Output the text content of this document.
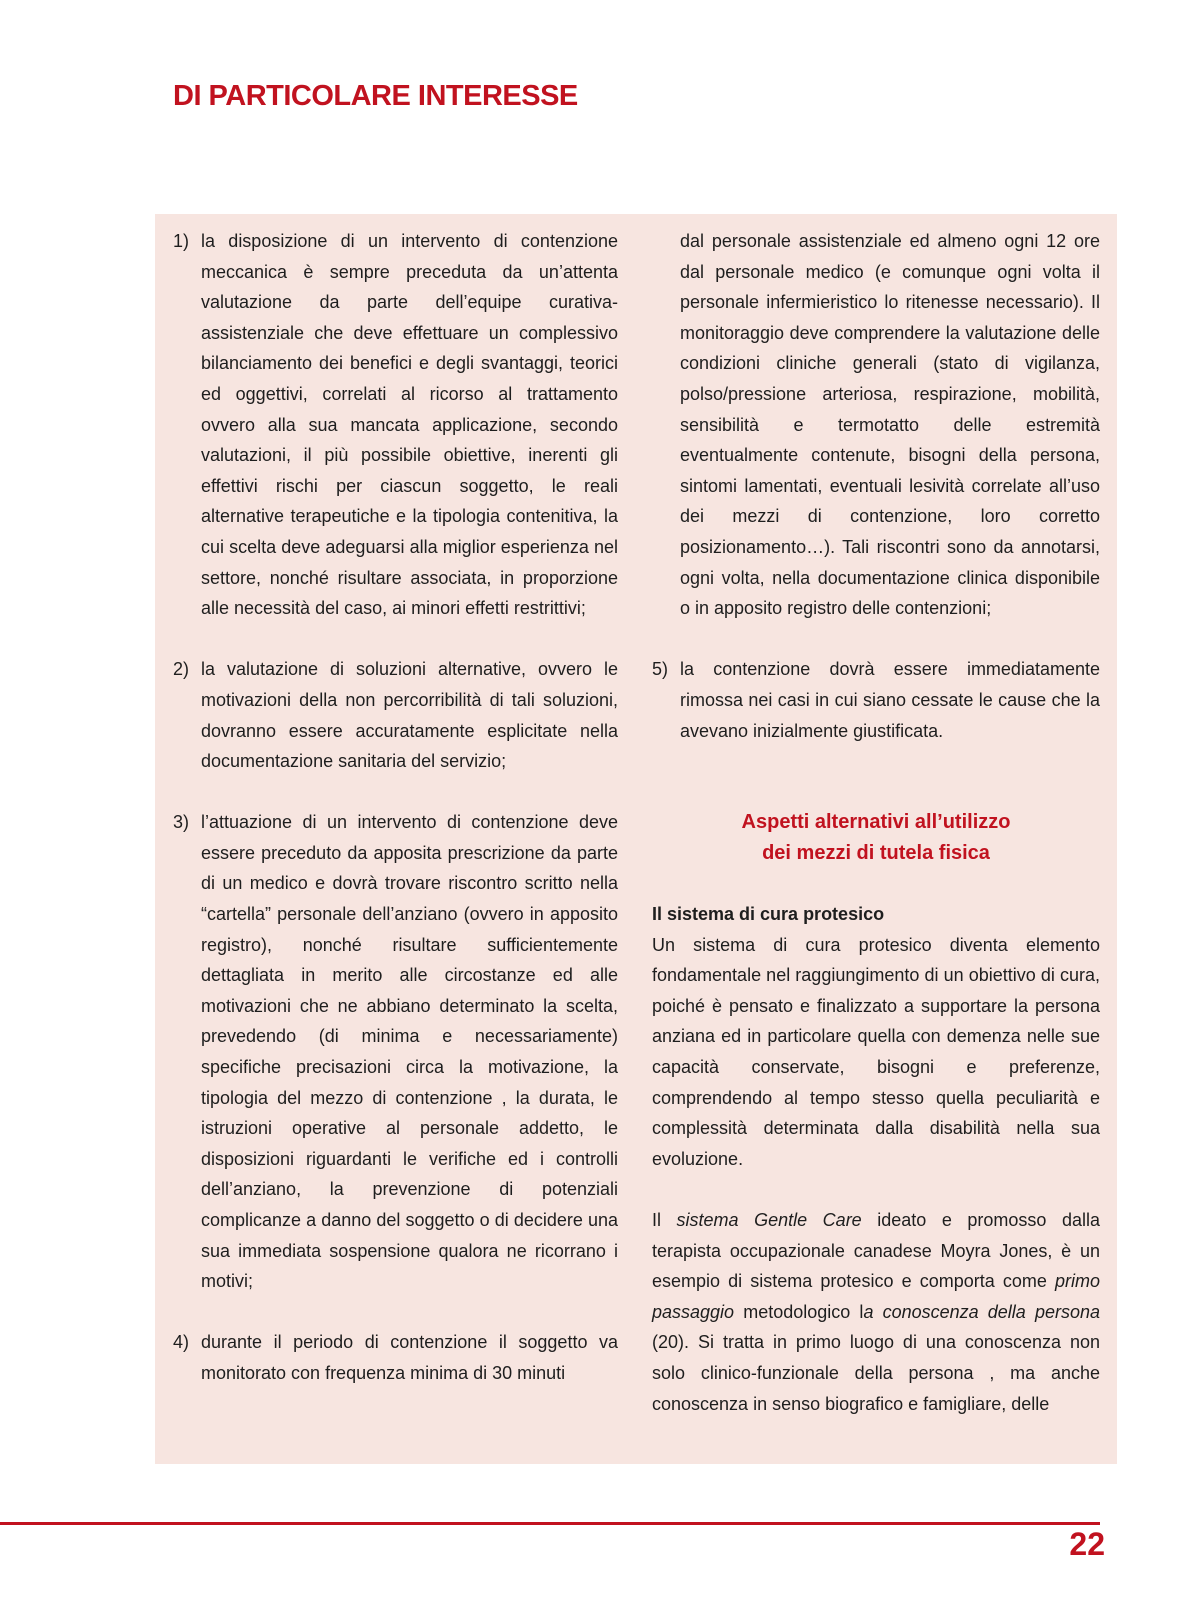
DI PARTICOLARE INTERESSE
1) la disposizione di un intervento di contenzione meccanica è sempre preceduta da un’attenta valutazione da parte dell’equipe curativa-assistenziale che deve effettuare un complessivo bilanciamento dei benefici e degli svantaggi, teorici ed oggettivi, correlati al ricorso al trattamento ovvero alla sua mancata applicazione, secondo valutazioni, il più possibile obiettive, inerenti gli effettivi rischi per ciascun soggetto, le reali alternative terapeutiche e la tipologia contenitiva, la cui scelta deve adeguarsi alla miglior esperienza nel settore, nonché risultare associata, in proporzione alle necessità del caso, ai minori effetti restrittivi;
2) la valutazione di soluzioni alternative, ovvero le motivazioni della non percorribilità di tali soluzioni, dovranno essere accuratamente esplicitate nella documentazione sanitaria del servizio;
3) l’attuazione di un intervento di contenzione deve essere preceduto da apposita prescrizione da parte di un medico e dovrà trovare riscontro scritto nella “cartella” personale dell’anziano (ovvero in apposito registro), nonché risultare sufficientemente dettagliata in merito alle circostanze ed alle motivazioni che ne abbiano determinato la scelta, prevedendo (di minima e necessariamente) specifiche precisazioni circa la motivazione, la tipologia del mezzo di contenzione , la durata, le istruzioni operative al personale addetto, le disposizioni riguardanti le verifiche ed i controlli dell’anziano, la prevenzione di potenziali complicanze a danno del soggetto o di decidere una sua immediata sospensione qualora ne ricorrano i motivi;
4) durante il periodo di contenzione il soggetto va monitorato con frequenza minima di 30 minuti
dal personale assistenziale ed almeno ogni 12 ore dal personale medico (e comunque ogni volta il personale infermieristico lo ritenesse necessario). Il monitoraggio deve comprendere la valutazione delle condizioni cliniche generali (stato di vigilanza, polso/pressione arteriosa, respirazione, mobilità, sensibilità e termotatto delle estremità eventualmente contenute, bisogni della persona, sintomi lamentati, eventuali lesività correlate all’uso dei mezzi di contenzione, loro corretto posizionamento…). Tali riscontri sono da annotarsi, ogni volta, nella documentazione clinica disponibile o in apposito registro delle contenzioni;
5) la contenzione dovrà essere immediatamente rimossa nei casi in cui siano cessate le cause che la avevano inizialmente giustificata.
Aspetti alternativi all’utilizzo
dei mezzi di tutela fisica

Il sistema di cura protesico

Un sistema di cura protesico diventa elemento fondamentale nel raggiungimento di un obiettivo di cura, poiché è pensato e finalizzato a supportare la persona anziana ed in particolare quella con demenza nelle sue capacità conservate, bisogni e preferenze, comprendendo al tempo stesso quella peculiarità e complessità determinata dalla disabilità nella sua evoluzione.

Il sistema Gentle Care ideato e promosso dalla terapista occupazionale canadese Moyra Jones, è un esempio di sistema protesico e comporta come primo passaggio metodologico la conoscenza della persona (20). Si tratta in primo luogo di una conoscenza non solo clinico-funzionale della persona , ma anche conoscenza in senso biografico e famigliare, delle

22
